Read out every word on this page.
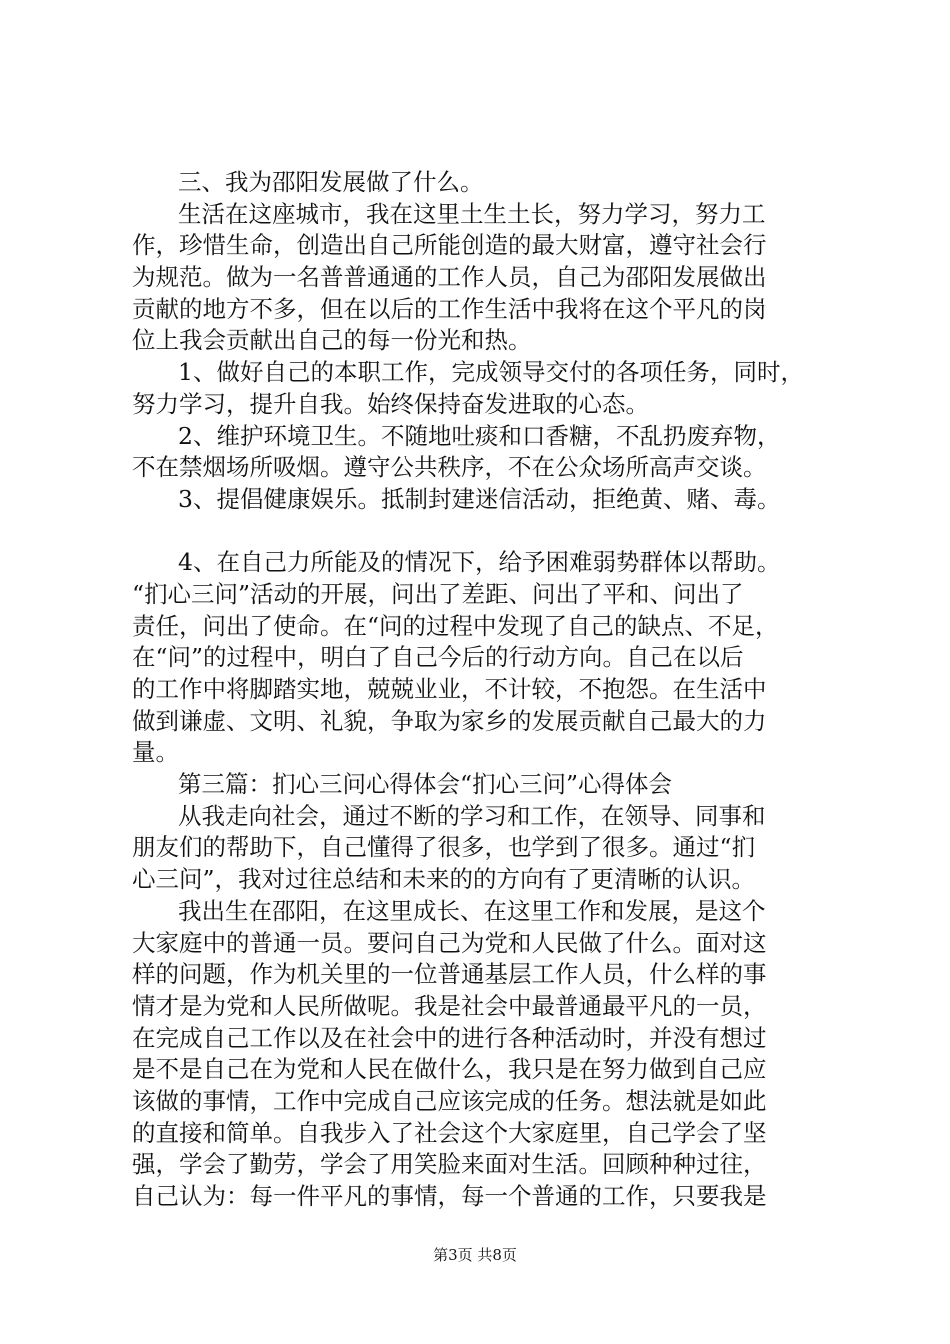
三、我为邵阳发展做了什么。
生活在这座城市，我在这里土生土长，努力学习，努力工
作，珍惜生命，创造出自己所能创造的最大财富，遵守社会行
为规范。做为一名普普通通的工作人员，自己为邵阳发展做出
贡献的地方不多，但在以后的工作生活中我将在这个平凡的岗
位上我会贡献出自己的每一份光和热。
1、做好自己的本职工作，完成领导交付的各项任务，同时，
努力学习，提升自我。始终保持奋发进取的心态。
2、维护环境卫生。不随地吐痰和口香糖，不乱扔废弃物，
不在禁烟场所吸烟。遵守公共秩序，不在公众场所高声交谈。
3、提倡健康娱乐。抵制封建迷信活动，拒绝黄、赌、毒。
4、在自己力所能及的情况下，给予困难弱势群体以帮助。
“扪心三问”活动的开展，问出了差距、问出了平和、问出了
责任，问出了使命。在“问的过程中发现了自己的缺点、不足，
在“问”的过程中，明白了自己今后的行动方向。自己在以后
的工作中将脚踏实地，兢兢业业，不计较，不抱怨。在生活中
做到谦虚、文明、礼貌，争取为家乡的发展贡献自己最大的力
量。
第三篇：扪心三问心得体会“扪心三问”心得体会
从我走向社会，通过不断的学习和工作，在领导、同事和
朋友们的帮助下，自己懂得了很多，也学到了很多。通过“扪
心三问”，我对过往总结和未来的的方向有了更清晰的认识。
我出生在邵阳，在这里成长、在这里工作和发展，是这个
大家庭中的普通一员。要问自己为党和人民做了什么。面对这
样的问题，作为机关里的一位普通基层工作人员，什么样的事
情才是为党和人民所做呢。我是社会中最普通最平凡的一员，
在完成自己工作以及在社会中的进行各种活动时，并没有想过
是不是自己在为党和人民在做什么，我只是在努力做到自己应
该做的事情，工作中完成自己应该完成的任务。想法就是如此
的直接和简单。自我步入了社会这个大家庭里，自己学会了坚
强，学会了勤劳，学会了用笑脸来面对生活。回顾种种过往，
自己认为：每一件平凡的事情，每一个普通的工作，只要我是
第3页 共8页
